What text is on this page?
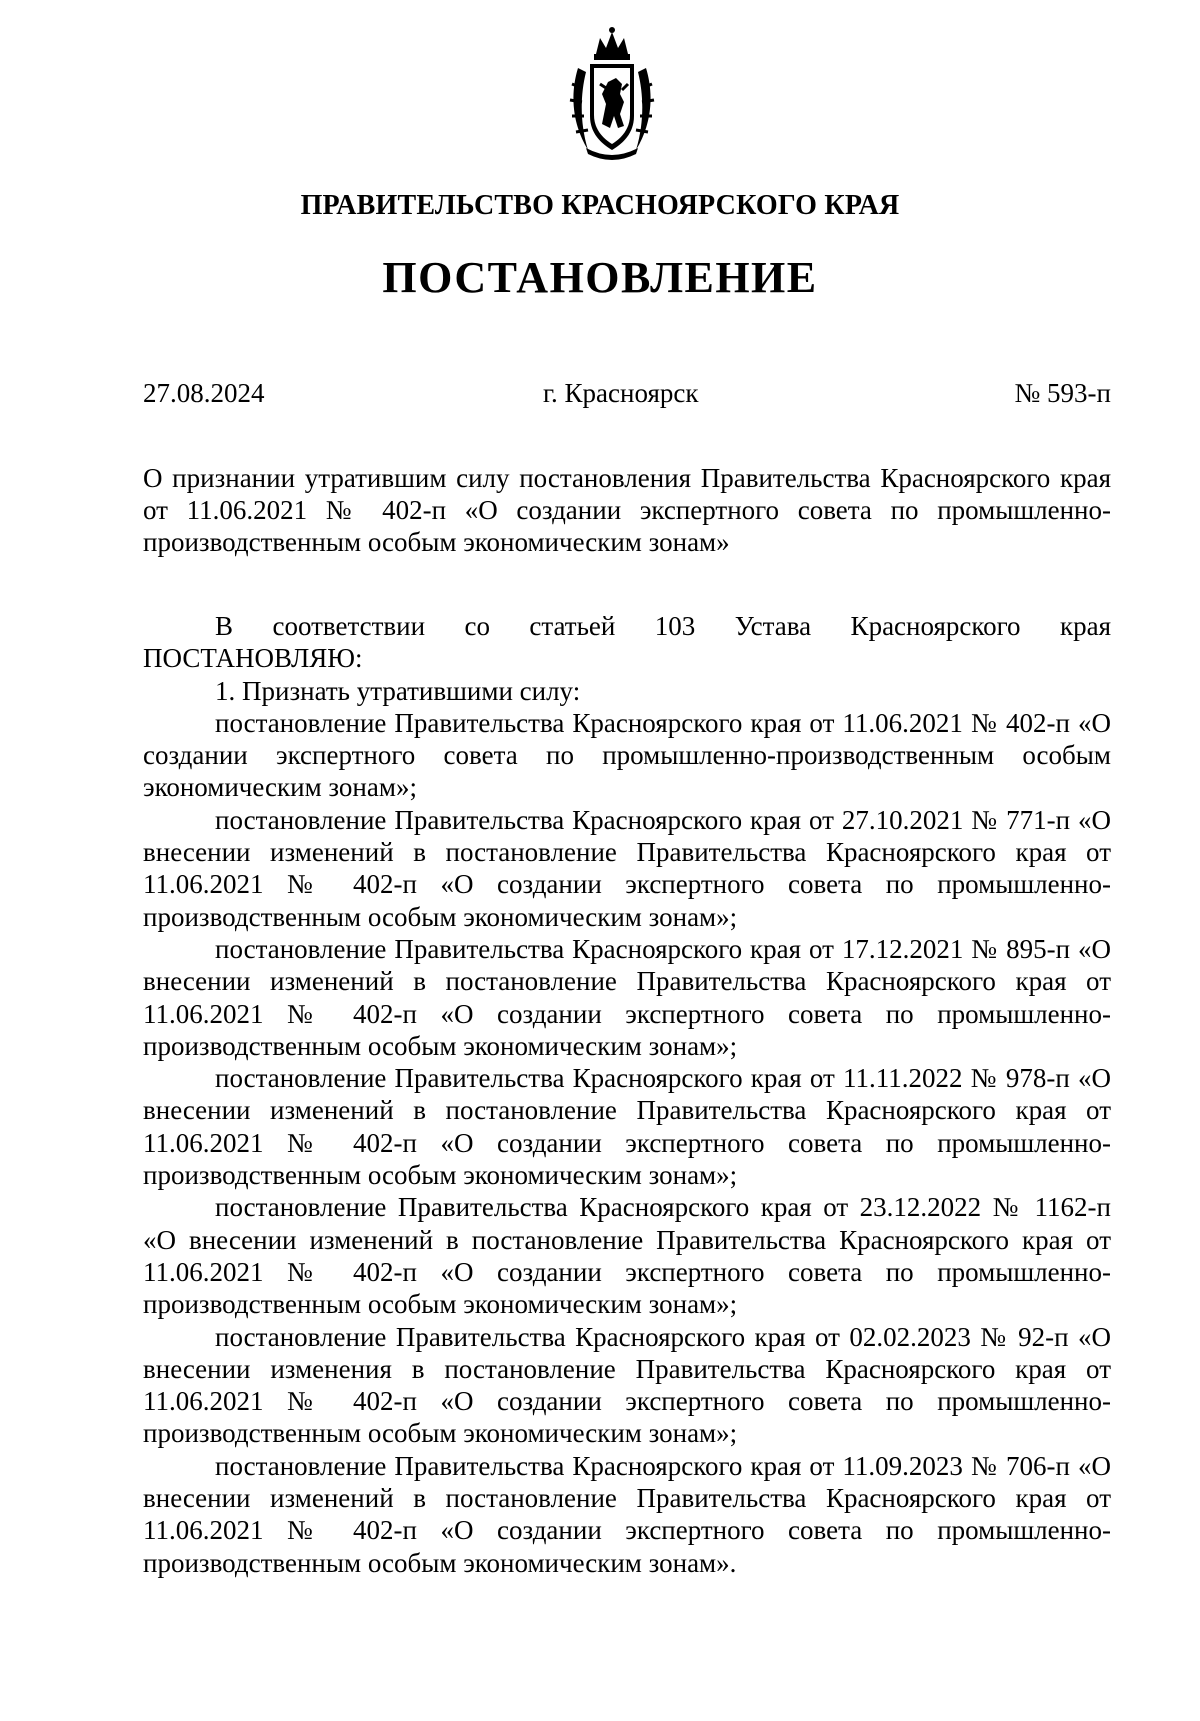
ПРАВИТЕЛЬСТВО КРАСНОЯРСКОГО КРАЯ
ПОСТАНОВЛЕНИЕ
27.08.2024	г. Красноярск	№ 593-п
О признании утратившим силу постановления Правительства Красноярского края от 11.06.2021 № 402-п «О создании экспертного совета по промышленно-производственным особым экономическим зонам»

В соответствии со статьей 103 Устава Красноярского края
ПОСТАНОВЛЯЮ:

1. Признать утратившими силу:

постановление Правительства Красноярского края от 11.06.2021 № 402-п «О создании экспертного совета по промышленно-производственным особым экономическим зонам»;

постановление Правительства Красноярского края от 27.10.2021 № 771-п «О внесении изменений в постановление Правительства Красноярского края от 11.06.2021 № 402-п «О создании экспертного совета по промышленно-производственным особым экономическим зонам»;

постановление Правительства Красноярского края от 17.12.2021 № 895-п «О внесении изменений в постановление Правительства Красноярского края от 11.06.2021 № 402-п «О создании экспертного совета по промышленно-производственным особым экономическим зонам»;

постановление Правительства Красноярского края от 11.11.2022 № 978-п «О внесении изменений в постановление Правительства Красноярского края от 11.06.2021 № 402-п «О создании экспертного совета по промышленно-производственным особым экономическим зонам»;

постановление Правительства Красноярского края от 23.12.2022 № 1162-п «О внесении изменений в постановление Правительства Красноярского края от 11.06.2021 № 402-п «О создании экспертного совета по промышленно-производственным особым экономическим зонам»;

постановление Правительства Красноярского края от 02.02.2023 № 92-п «О внесении изменения в постановление Правительства Красноярского края от 11.06.2021 № 402-п «О создании экспертного совета по промышленно-производственным особым экономическим зонам»;

постановление Правительства Красноярского края от 11.09.2023 № 706-п «О внесении изменений в постановление Правительства Красноярского края от 11.06.2021 № 402-п «О создании экспертного совета по промышленно-производственным особым экономическим зонам».
